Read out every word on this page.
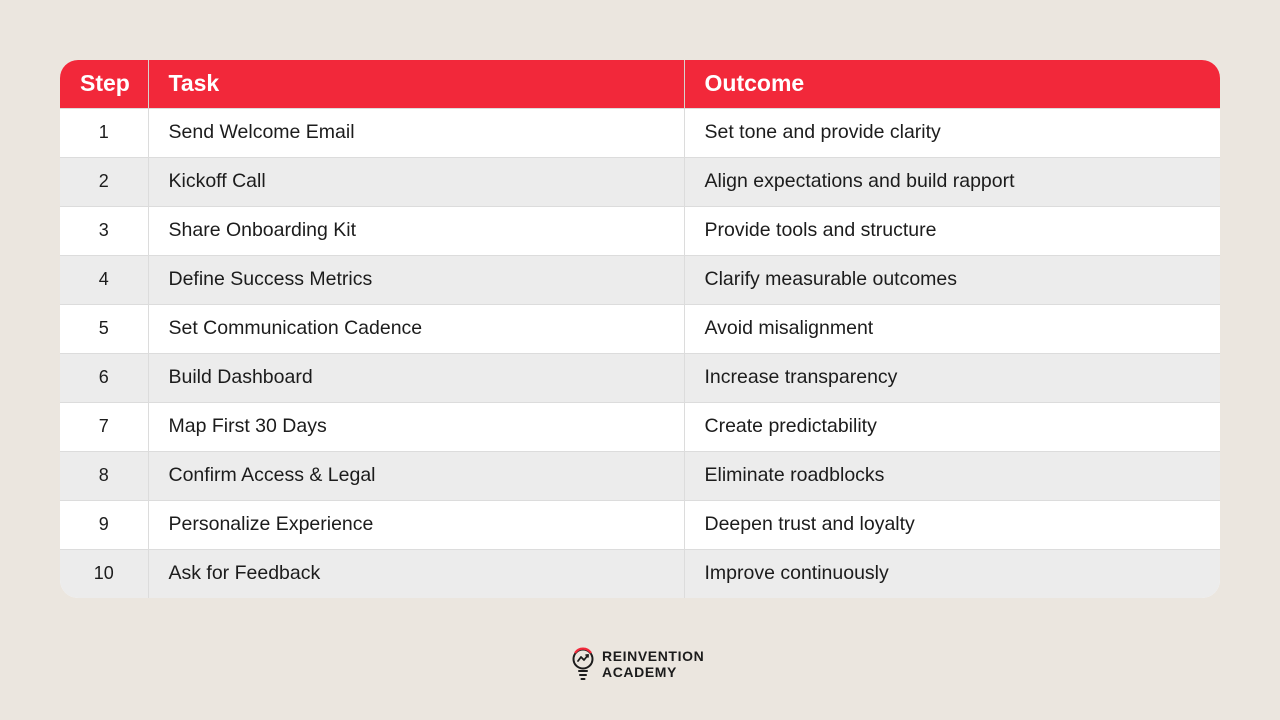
Step	Task	Outcome
1	Send Welcome Email	Set tone and provide clarity
2	Kickoff Call	Align expectations and build rapport
3	Share Onboarding Kit	Provide tools and structure
4	Define Success Metrics	Clarify measurable outcomes
5	Set Communication Cadence	Avoid misalignment
6	Build Dashboard	Increase transparency
7	Map First 30 Days	Create predictability
8	Confirm Access & Legal	Eliminate roadblocks
9	Personalize Experience	Deepen trust and loyalty
10	Ask for Feedback	Improve continuously
REINVENTION
ACADEMY
